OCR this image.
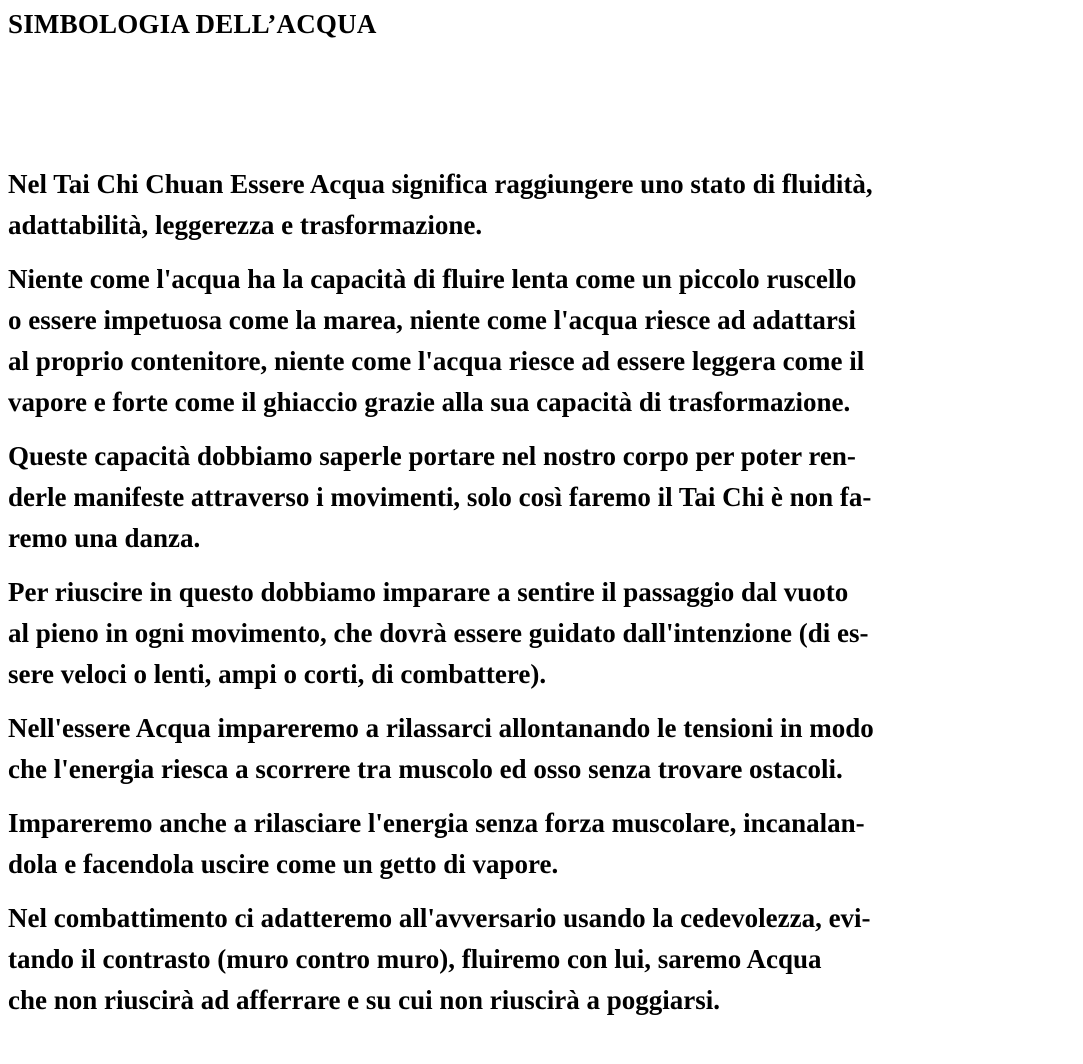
SIMBOLOGIA DELL’ACQUA

Nel Tai Chi Chuan Essere Acqua significa raggiungere uno stato di fluidità,
adattabilità, leggerezza e trasformazione.

Niente come l'acqua ha la capacità di fluire lenta come un piccolo ruscello
o essere impetuosa come la marea, niente come l'acqua riesce ad adattarsi
al proprio contenitore, niente come l'acqua riesce ad essere leggera come il
vapore e forte come il ghiaccio grazie alla sua capacità di trasformazione.

Queste capacità dobbiamo saperle portare nel nostro corpo per poter ren-
derle manifeste attraverso i movimenti, solo così faremo il Tai Chi è non fa-
remo una danza.

Per riuscire in questo dobbiamo imparare a sentire il passaggio dal vuoto
al pieno in ogni movimento, che dovrà essere guidato dall'intenzione (di es-
sere veloci o lenti, ampi o corti, di combattere).

Nell'essere Acqua impareremo a rilassarci allontanando le tensioni in modo
che l'energia riesca a scorrere tra muscolo ed osso senza trovare ostacoli.

Impareremo anche a rilasciare l'energia senza forza muscolare, incanalan-
dola e facendola uscire come un getto di vapore.

Nel combattimento ci adatteremo all'avversario usando la cedevolezza, evi-
tando il contrasto (muro contro muro), fluiremo con lui, saremo Acqua
che non riuscirà ad afferrare e su cui non riuscirà a poggiarsi.
